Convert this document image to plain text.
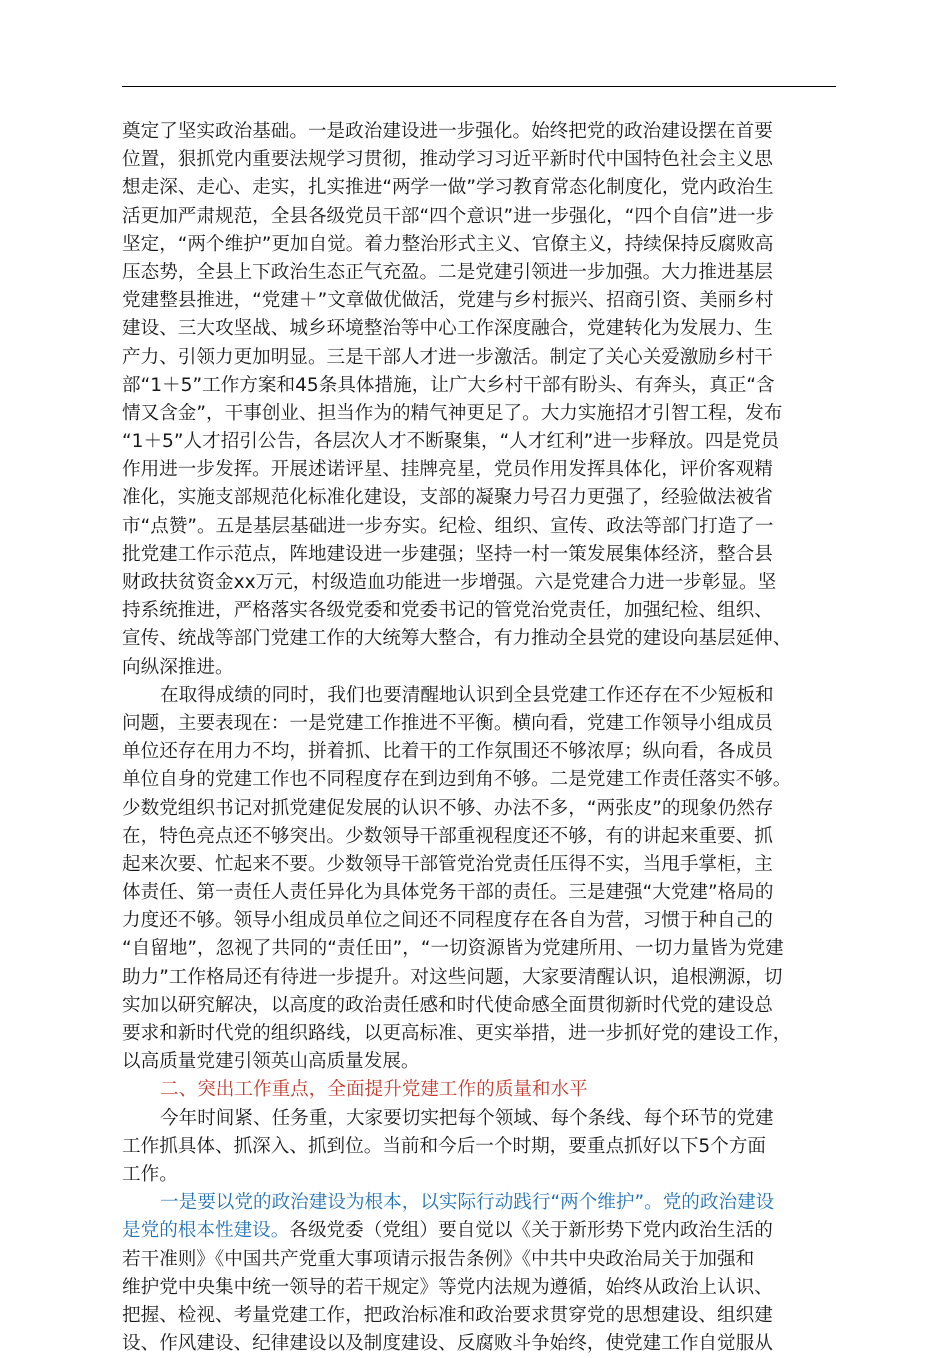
奠定了坚实政治基础。一是政治建设进一步强化。始终把党的政治建设摆在首要
位置，狠抓党内重要法规学习贯彻，推动学习习近平新时代中国特色社会主义思
想走深、走心、走实，扎实推进“两学一做”学习教育常态化制度化，党内政治生
活更加严肃规范，全县各级党员干部“四个意识”进一步强化，“四个自信”进一步
坚定，“两个维护”更加自觉。着力整治形式主义、官僚主义，持续保持反腐败高
压态势，全县上下政治生态正气充盈。二是党建引领进一步加强。大力推进基层
党建整县推进，“党建＋”文章做优做活，党建与乡村振兴、招商引资、美丽乡村
建设、三大攻坚战、城乡环境整治等中心工作深度融合，党建转化为发展力、生
产力、引领力更加明显。三是干部人才进一步激活。制定了关心关爱激励乡村干
部“1＋5”工作方案和45条具体措施，让广大乡村干部有盼头、有奔头，真正“含
情又含金”，干事创业、担当作为的精气神更足了。大力实施招才引智工程，发布
“1＋5”人才招引公告，各层次人才不断聚集，“人才红利”进一步释放。四是党员
作用进一步发挥。开展述诺评星、挂牌亮星，党员作用发挥具体化，评价客观精
准化，实施支部规范化标准化建设，支部的凝聚力号召力更强了，经验做法被省
市“点赞”。五是基层基础进一步夯实。纪检、组织、宣传、政法等部门打造了一
批党建工作示范点，阵地建设进一步建强；坚持一村一策发展集体经济，整合县
财政扶贫资金xx万元，村级造血功能进一步增强。六是党建合力进一步彰显。坚
持系统推进，严格落实各级党委和党委书记的管党治党责任，加强纪检、组织、
宣传、统战等部门党建工作的大统筹大整合，有力推动全县党的建设向基层延伸、
向纵深推进。
在取得成绩的同时，我们也要清醒地认识到全县党建工作还存在不少短板和
问题，主要表现在：一是党建工作推进不平衡。横向看，党建工作领导小组成员
单位还存在用力不均，拼着抓、比着干的工作氛围还不够浓厚；纵向看，各成员
单位自身的党建工作也不同程度存在到边到角不够。二是党建工作责任落实不够。
少数党组织书记对抓党建促发展的认识不够、办法不多，“两张皮”的现象仍然存
在，特色亮点还不够突出。少数领导干部重视程度还不够，有的讲起来重要、抓
起来次要、忙起来不要。少数领导干部管党治党责任压得不实，当甩手掌柜，主
体责任、第一责任人责任异化为具体党务干部的责任。三是建强“大党建”格局的
力度还不够。领导小组成员单位之间还不同程度存在各自为营，习惯于种自己的
“自留地”，忽视了共同的“责任田”，“一切资源皆为党建所用、一切力量皆为党建
助力”工作格局还有待进一步提升。对这些问题，大家要清醒认识，追根溯源，切
实加以研究解决，以高度的政治责任感和时代使命感全面贯彻新时代党的建设总
要求和新时代党的组织路线，以更高标准、更实举措，进一步抓好党的建设工作，
以高质量党建引领英山高质量发展。
二、突出工作重点，全面提升党建工作的质量和水平
今年时间紧、任务重，大家要切实把每个领域、每个条线、每个环节的党建
工作抓具体、抓深入、抓到位。当前和今后一个时期，要重点抓好以下5个方面
工作。
一是要以党的政治建设为根本，以实际行动践行“两个维护”。党的政治建设
是党的根本性建设。各级党委（党组）要自觉以《关于新形势下党内政治生活的
若干准则》《中国共产党重大事项请示报告条例》《中共中央政治局关于加强和
维护党中央集中统一领导的若干规定》等党内法规为遵循，始终从政治上认识、
把握、检视、考量党建工作，把政治标准和政治要求贯穿党的思想建设、组织建
设、作风建设、纪律建设以及制度建设、反腐败斗争始终，使党建工作自觉服从
